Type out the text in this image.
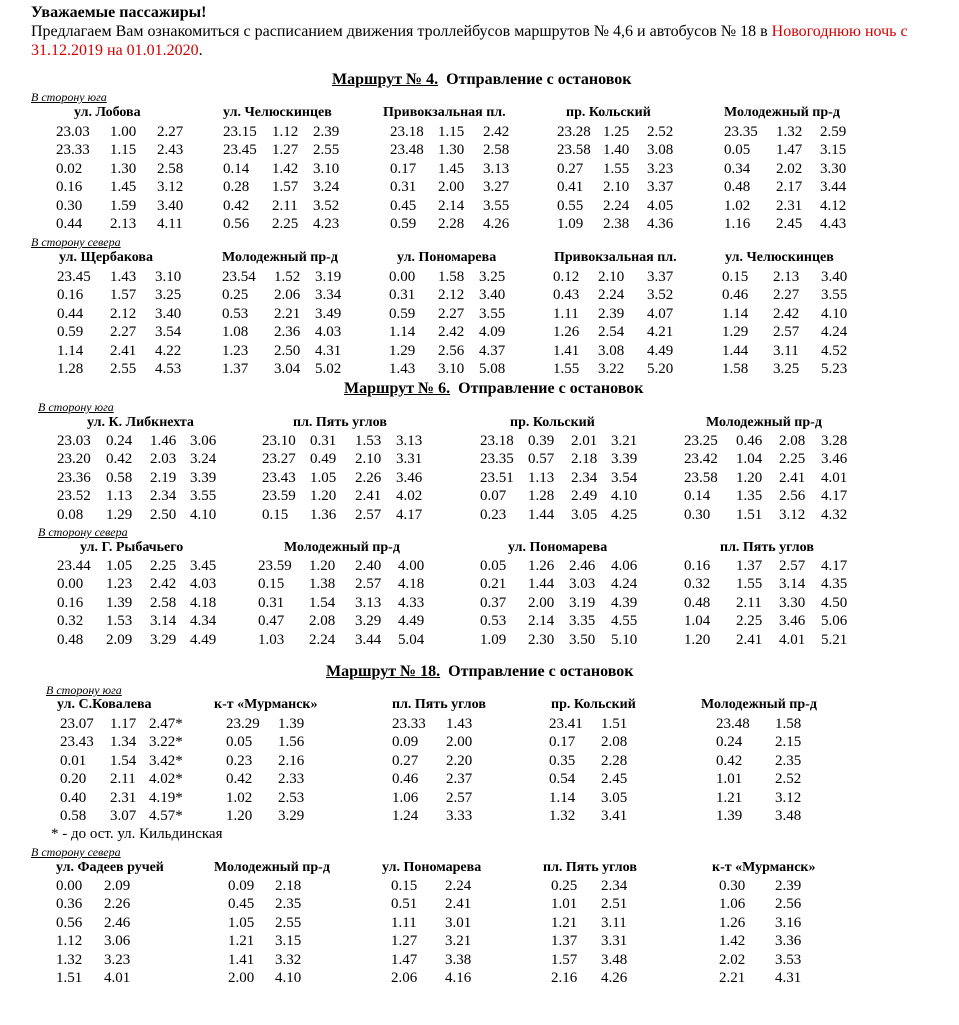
Уважаемые пассажиры!
Предлагаем Вам ознакомиться с расписанием движения троллейбусов маршрутов № 4,6 и автобусов № 18 в Новогоднюю ночь с 31.12.2019 на 01.01.2020.
Маршрут № 4. Отправление с остановок
В сторону юга
ул. Лобова
23.03	1.00	2.27
23.33	1.15	2.43
0.02	1.30	2.58
0.16	1.45	3.12
0.30	1.59	3.40
0.44	2.13	4.11
ул. Челюскинцев
23.15	1.12	2.39
23.45	1.27	2.55
0.14	1.42	3.10
0.28	1.57	3.24
0.42	2.11	3.52
0.56	2.25	4.23
Привокзальная пл.
23.18	1.15	2.42
23.48	1.30	2.58
0.17	1.45	3.13
0.31	2.00	3.27
0.45	2.14	3.55
0.59	2.28	4.26
пр. Кольский
23.28	1.25	2.52
23.58	1.40	3.08
0.27	1.55	3.23
0.41	2.10	3.37
0.55	2.24	4.05
1.09	2.38	4.36
Молодежный пр-д
23.35	1.32	2.59
0.05	1.47	3.15
0.34	2.02	3.30
0.48	2.17	3.44
1.02	2.31	4.12
1.16	2.45	4.43
В сторону севера
ул. Щербакова
23.45	1.43	3.10
0.16	1.57	3.25
0.44	2.12	3.40
0.59	2.27	3.54
1.14	2.41	4.22
1.28	2.55	4.53
Молодежный пр-д
23.54	1.52	3.19
0.25	2.06	3.34
0.53	2.21	3.49
1.08	2.36	4.03
1.23	2.50	4.31
1.37	3.04	5.02
ул. Пономарева
0.00	1.58	3.25
0.31	2.12	3.40
0.59	2.27	3.55
1.14	2.42	4.09
1.29	2.56	4.37
1.43	3.10	5.08
Привокзальная пл.
0.12	2.10	3.37
0.43	2.24	3.52
1.11	2.39	4.07
1.26	2.54	4.21
1.41	3.08	4.49
1.55	3.22	5.20
ул. Челюскинцев
0.15	2.13	3.40
0.46	2.27	3.55
1.14	2.42	4.10
1.29	2.57	4.24
1.44	3.11	4.52
1.58	3.25	5.23
Маршрут № 6. Отправление с остановок
В сторону юга
ул. К. Либкнехта
23.03	0.24	1.46	3.06
23.20	0.42	2.03	3.24
23.36	0.58	2.19	3.39
23.52	1.13	2.34	3.55
0.08	1.29	2.50	4.10
пл. Пять углов
23.10	0.31	1.53	3.13
23.27	0.49	2.10	3.31
23.43	1.05	2.26	3.46
23.59	1.20	2.41	4.02
0.15	1.36	2.57	4.17
пр. Кольский
23.18	0.39	2.01	3.21
23.35	0.57	2.18	3.39
23.51	1.13	2.34	3.54
0.07	1.28	2.49	4.10
0.23	1.44	3.05	4.25
Молодежный пр-д
23.25	0.46	2.08	3.28
23.42	1.04	2.25	3.46
23.58	1.20	2.41	4.01
0.14	1.35	2.56	4.17
0.30	1.51	3.12	4.32
В сторону севера
ул. Г. Рыбачьего
23.44	1.05	2.25	3.45
0.00	1.23	2.42	4.03
0.16	1.39	2.58	4.18
0.32	1.53	3.14	4.34
0.48	2.09	3.29	4.49
Молодежный пр-д
23.59	1.20	2.40	4.00
0.15	1.38	2.57	4.18
0.31	1.54	3.13	4.33
0.47	2.08	3.29	4.49
1.03	2.24	3.44	5.04
ул. Пономарева
0.05	1.26	2.46	4.06
0.21	1.44	3.03	4.24
0.37	2.00	3.19	4.39
0.53	2.14	3.35	4.55
1.09	2.30	3.50	5.10
пл. Пять углов
0.16	1.37	2.57	4.17
0.32	1.55	3.14	4.35
0.48	2.11	3.30	4.50
1.04	2.25	3.46	5.06
1.20	2.41	4.01	5.21
Маршрут № 18. Отправление с остановок
В сторону юга
ул. С.Ковалева
23.07	1.17	2.47*
23.43	1.34	3.22*
0.01	1.54	3.42*
0.20	2.11	4.02*
0.40	2.31	4.19*
0.58	3.07	4.57*
к-т «Мурманск»
23.29	1.39
0.05	1.56
0.23	2.16
0.42	2.33
1.02	2.53
1.20	3.29
пл. Пять углов
23.33	1.43
0.09	2.00
0.27	2.20
0.46	2.37
1.06	2.57
1.24	3.33
пр. Кольский
23.41	1.51
0.17	2.08
0.35	2.28
0.54	2.45
1.14	3.05
1.32	3.41
Молодежный пр-д
23.48	1.58
0.24	2.15
0.42	2.35
1.01	2.52
1.21	3.12
1.39	3.48
В сторону севера
ул. Фадеев ручей
0.00	2.09
0.36	2.26
0.56	2.46
1.12	3.06
1.32	3.23
1.51	4.01
Молодежный пр-д
0.09	2.18
0.45	2.35
1.05	2.55
1.21	3.15
1.41	3.32
2.00	4.10
ул. Пономарева
0.15	2.24
0.51	2.41
1.11	3.01
1.27	3.21
1.47	3.38
2.06	4.16
пл. Пять углов
0.25	2.34
1.01	2.51
1.21	3.11
1.37	3.31
1.57	3.48
2.16	4.26
к-т «Мурманск»
0.30	2.39
1.06	2.56
1.26	3.16
1.42	3.36
2.02	3.53
2.21	4.31
* - до ост. ул. Кильдинская
